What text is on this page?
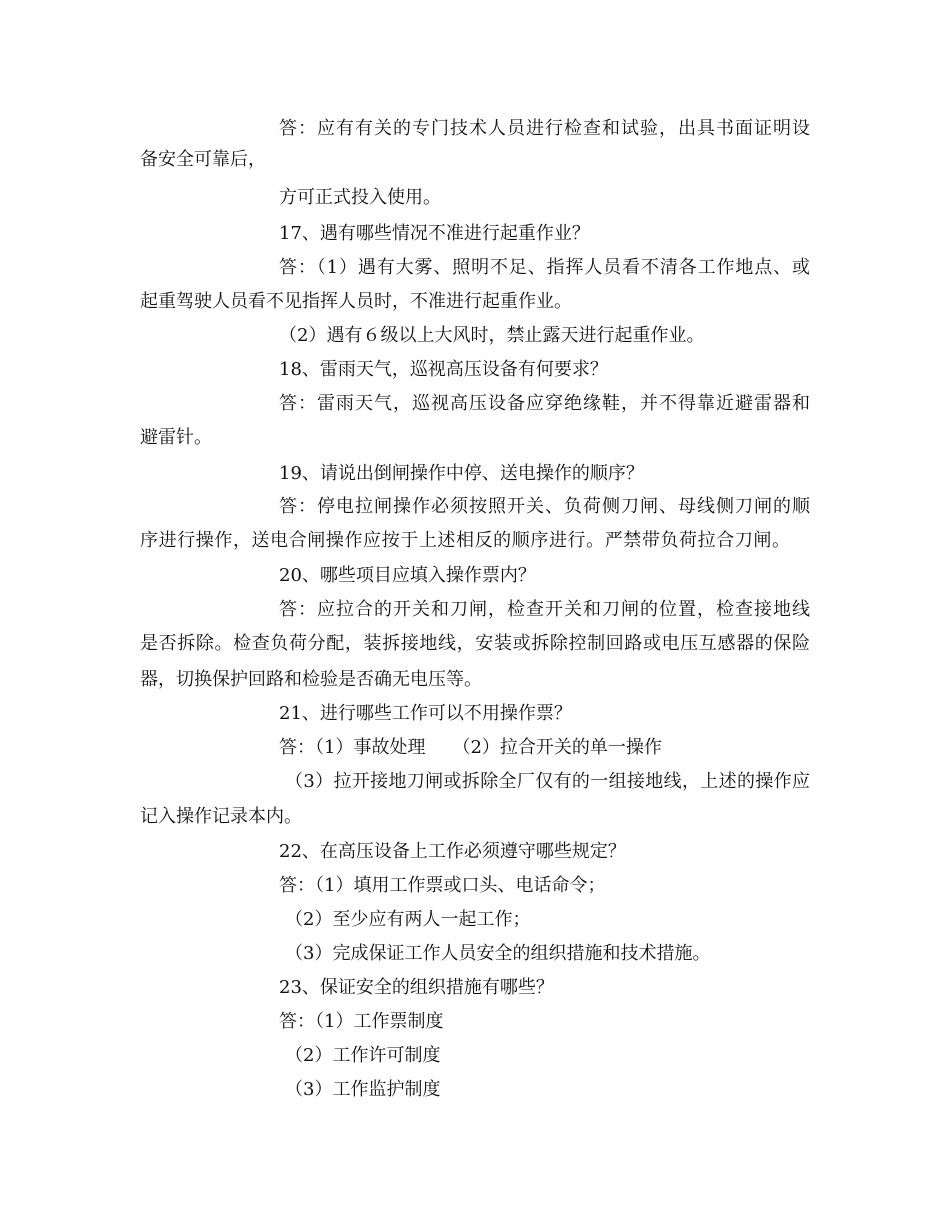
答：应有有关的专门技术人员进行检查和试验，出具书面证明设
备安全可靠后，
方可正式投入使用。
17、遇有哪些情况不准进行起重作业？
答：（1）遇有大雾、照明不足、指挥人员看不清各工作地点、或
起重驾驶人员看不见指挥人员时，不准进行起重作业。
（2）遇有６级以上大风时，禁止露天进行起重作业。
18、雷雨天气，巡视高压设备有何要求？
答：雷雨天气，巡视高压设备应穿绝缘鞋，并不得靠近避雷器和
避雷针。
19、请说出倒闸操作中停、送电操作的顺序？
答：停电拉闸操作必须按照开关、负荷侧刀闸、母线侧刀闸的顺
序进行操作，送电合闸操作应按于上述相反的顺序进行。严禁带负荷拉合刀闸。
20、哪些项目应填入操作票内？
答：应拉合的开关和刀闸，检查开关和刀闸的位置，检查接地线
是否拆除。检查负荷分配，装拆接地线，安装或拆除控制回路或电压互感器的保险
器，切换保护回路和检验是否确无电压等。
21、进行哪些工作可以不用操作票？
答：（1）事故处理　　（2）拉合开关的单一操作
（3）拉开接地刀闸或拆除全厂仅有的一组接地线，上述的操作应
记入操作记录本内。
22、在高压设备上工作必须遵守哪些规定？
答：（1）填用工作票或口头、电话命令；
（2）至少应有两人一起工作；
（3）完成保证工作人员安全的组织措施和技术措施。
23、保证安全的组织措施有哪些？
答：（1）工作票制度
（2）工作许可制度
（3）工作监护制度
